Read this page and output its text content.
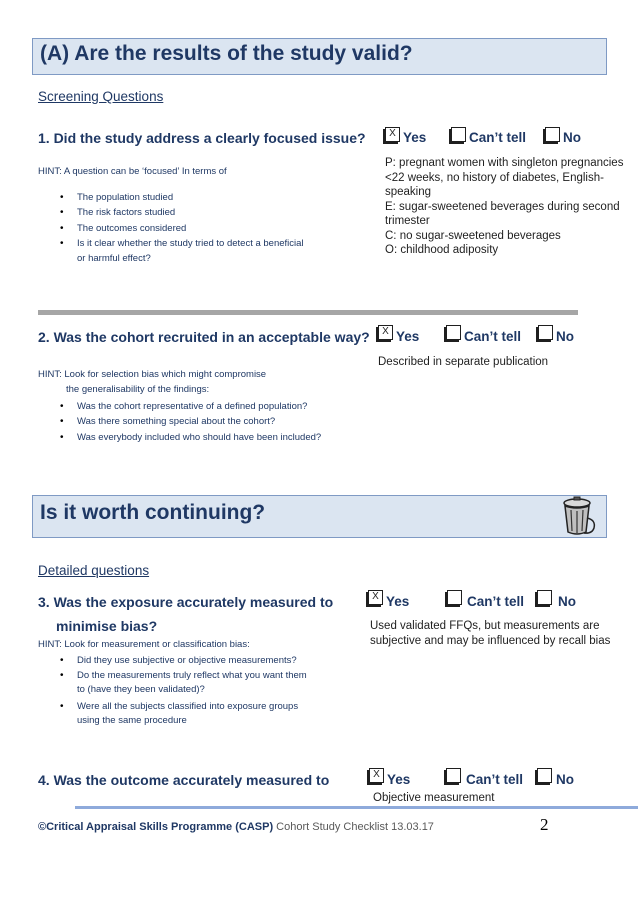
(A) Are the results of the study valid?
Screening Questions
1. Did the study address a clearly focused issue?	X Yes	Can’t tell	No
HINT: A question can be ‘focused’ In terms of
• The population studied
• The risk factors studied
• The outcomes considered
• Is it clear whether the study tried to detect a beneficial
or harmful effect?
P: pregnant women with singleton pregnancies
<22 weeks, no history of diabetes, English-
speaking
E: sugar-sweetened beverages during second
trimester
C: no sugar-sweetened beverages
O: childhood adiposity
2. Was the cohort recruited in an acceptable way?	X Yes	Can’t tell	No
Described in separate publication
HINT: Look for selection bias which might compromise
the generalisability of the findings:
• Was the cohort representative of a defined population?
• Was there something special about the cohort?
• Was everybody included who should have been included?
Is it worth continuing?
Detailed questions
3. Was the exposure accurately measured to
minimise bias?
X Yes	Can’t tell	No
Used validated FFQs, but measurements are
subjective and may be influenced by recall bias
HINT: Look for measurement or classification bias:
• Did they use subjective or objective measurements?
• Do the measurements truly reflect what you want them
to (have they been validated)?
• Were all the subjects classified into exposure groups
using the same procedure
4. Was the outcome accurately measured to	X Yes	Can’t tell No
Objective measurement
©Critical Appraisal Skills Programme (CASP) Cohort Study Checklist 13.03.17	2
